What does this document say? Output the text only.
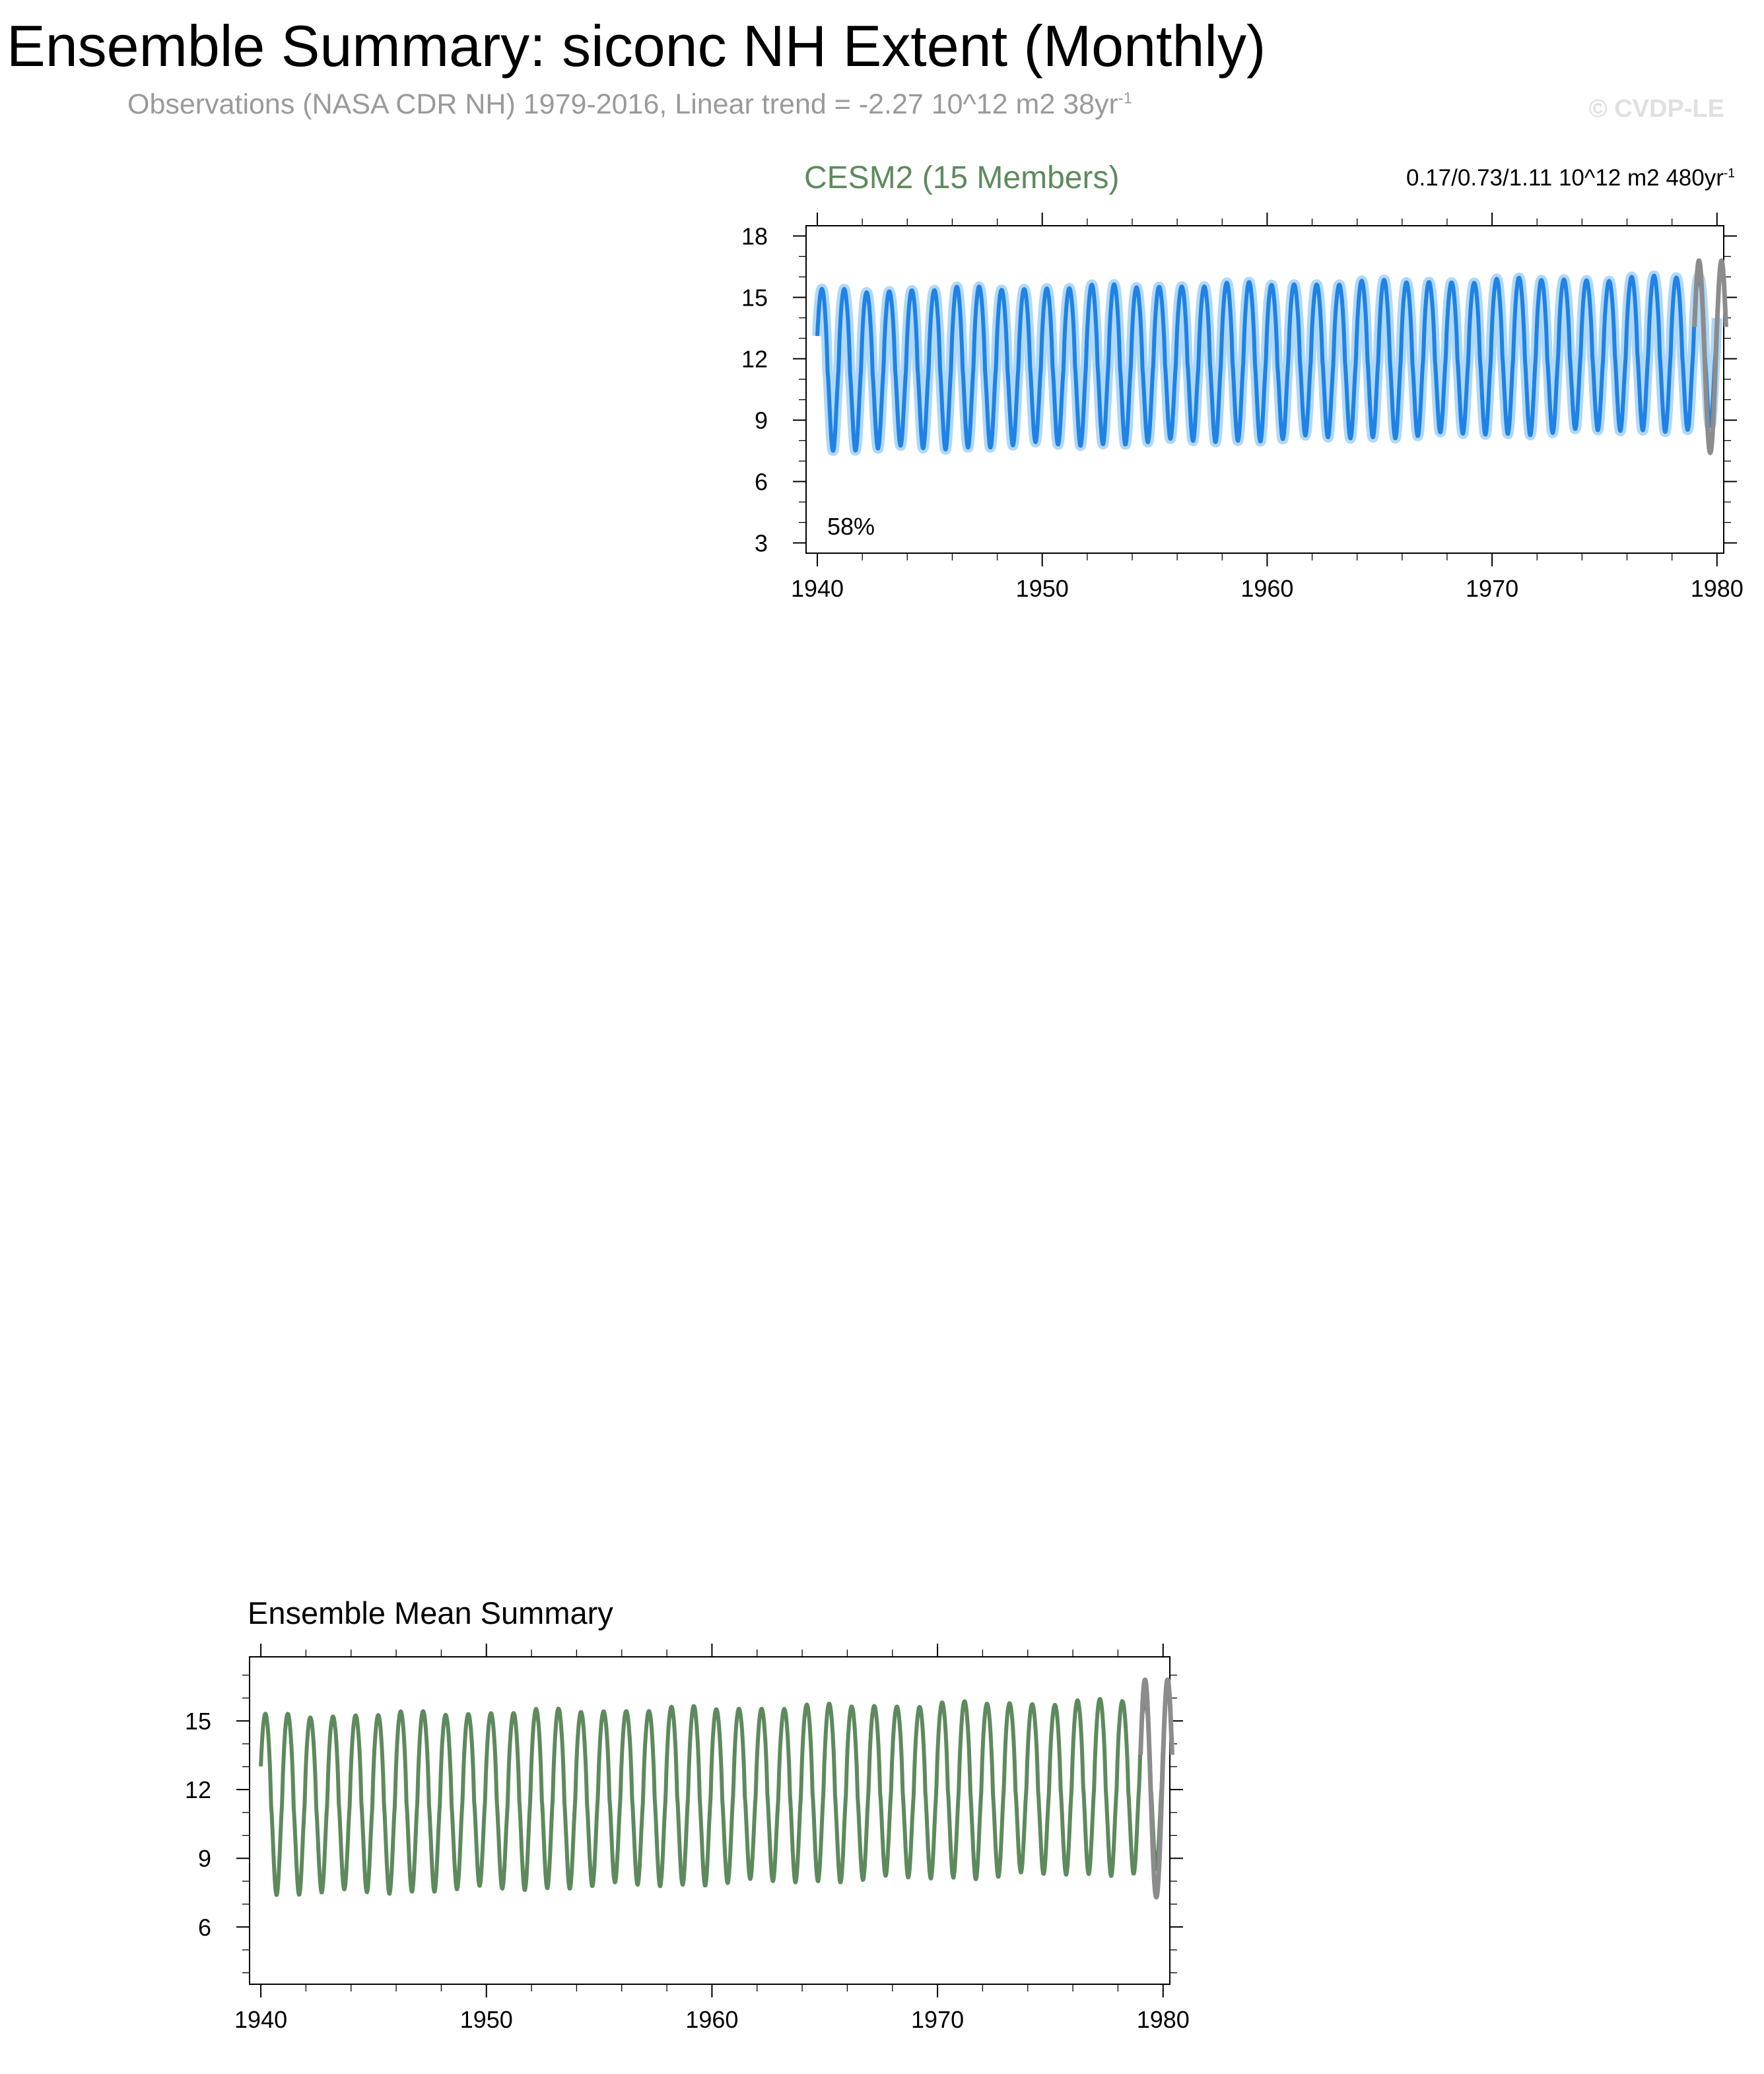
Ensemble Summary: siconc NH Extent (Monthly)
Observations (NASA CDR NH) 1979-2016, Linear trend = -2.27 10^12 m2 $38yr^{-1}$	© CVDP-LE
CESM2 (15 Members)	0.17/0.73/1.11 10^12 m2 $480yr^{-1}$
Ensemble Mean Summary
1940	1950	1960	1970	1980
3
6
9
12
15
18
58%
1940	1950	1960	1970	1980
6
9
12
15
